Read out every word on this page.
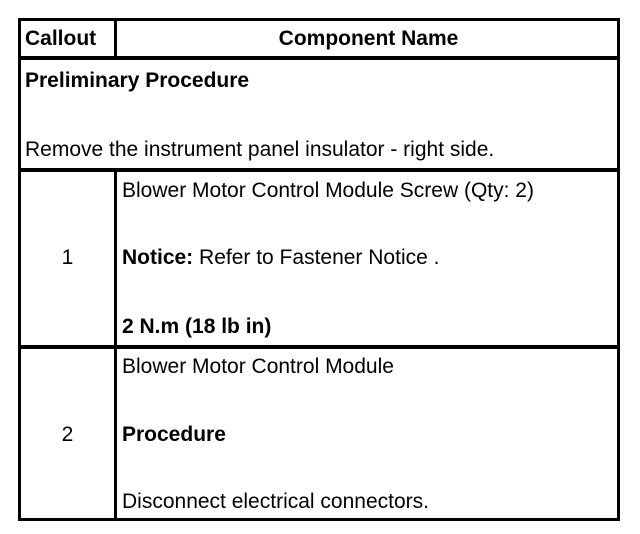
Callout	Component Name
Preliminary Procedure
Remove the instrument panel insulator - right side.
1
Blower Motor Control Module Screw (Qty: 2)
Notice: Refer to Fastener Notice .
2 N.m (18 lb in)
2
Blower Motor Control Module
Procedure
Disconnect electrical connectors.
